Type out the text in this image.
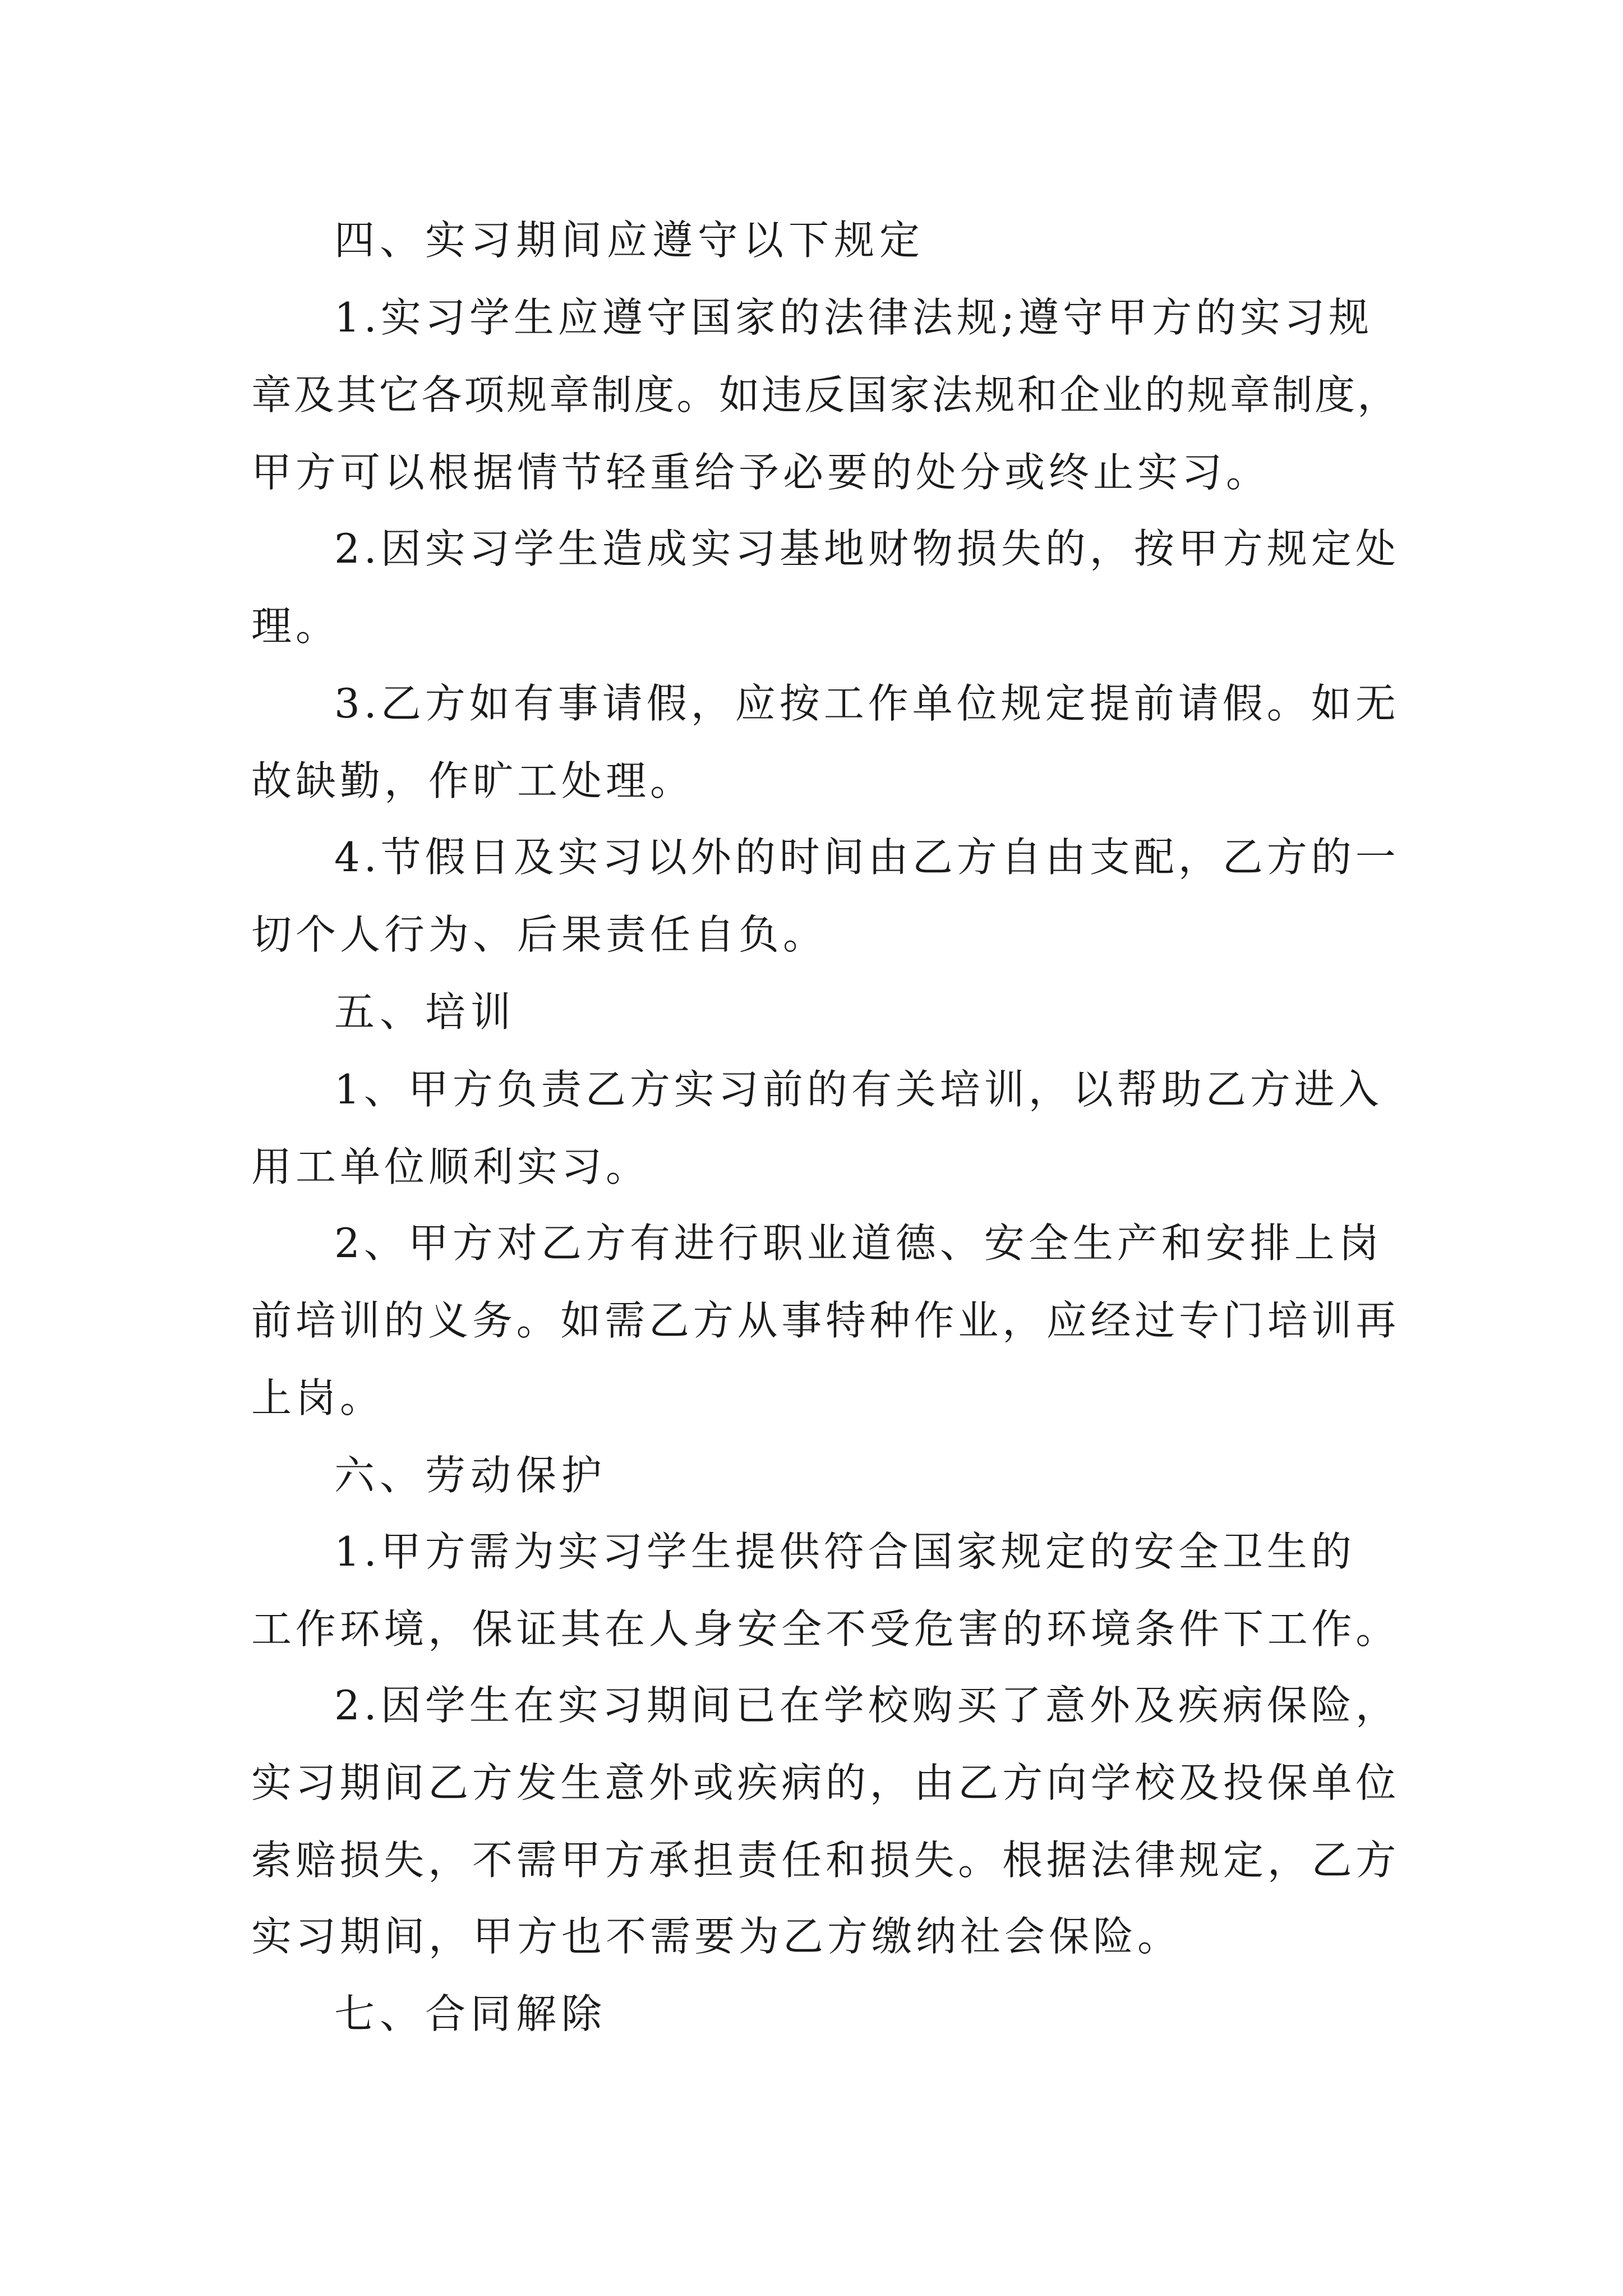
四、实习期间应遵守以下规定

1.实习学生应遵守国家的法律法规;遵守甲方的实习规

章及其它各项规章制度。如违反国家法规和企业的规章制度，

甲方可以根据情节轻重给予必要的处分或终止实习。

2.因实习学生造成实习基地财物损失的，按甲方规定处

理。

3.乙方如有事请假，应按工作单位规定提前请假。如无

故缺勤，作旷工处理。

4.节假日及实习以外的时间由乙方自由支配，乙方的一

切个人行为、后果责任自负。

五、培训

1、甲方负责乙方实习前的有关培训，以帮助乙方进入

用工单位顺利实习。

2、甲方对乙方有进行职业道德、安全生产和安排上岗

前培训的义务。如需乙方从事特种作业，应经过专门培训再

上岗。

六、劳动保护

1.甲方需为实习学生提供符合国家规定的安全卫生的

工作环境，保证其在人身安全不受危害的环境条件下工作。

2.因学生在实习期间已在学校购买了意外及疾病保险，

实习期间乙方发生意外或疾病的，由乙方向学校及投保单位

索赔损失，不需甲方承担责任和损失。根据法律规定，乙方

实习期间，甲方也不需要为乙方缴纳社会保险。

七、合同解除
